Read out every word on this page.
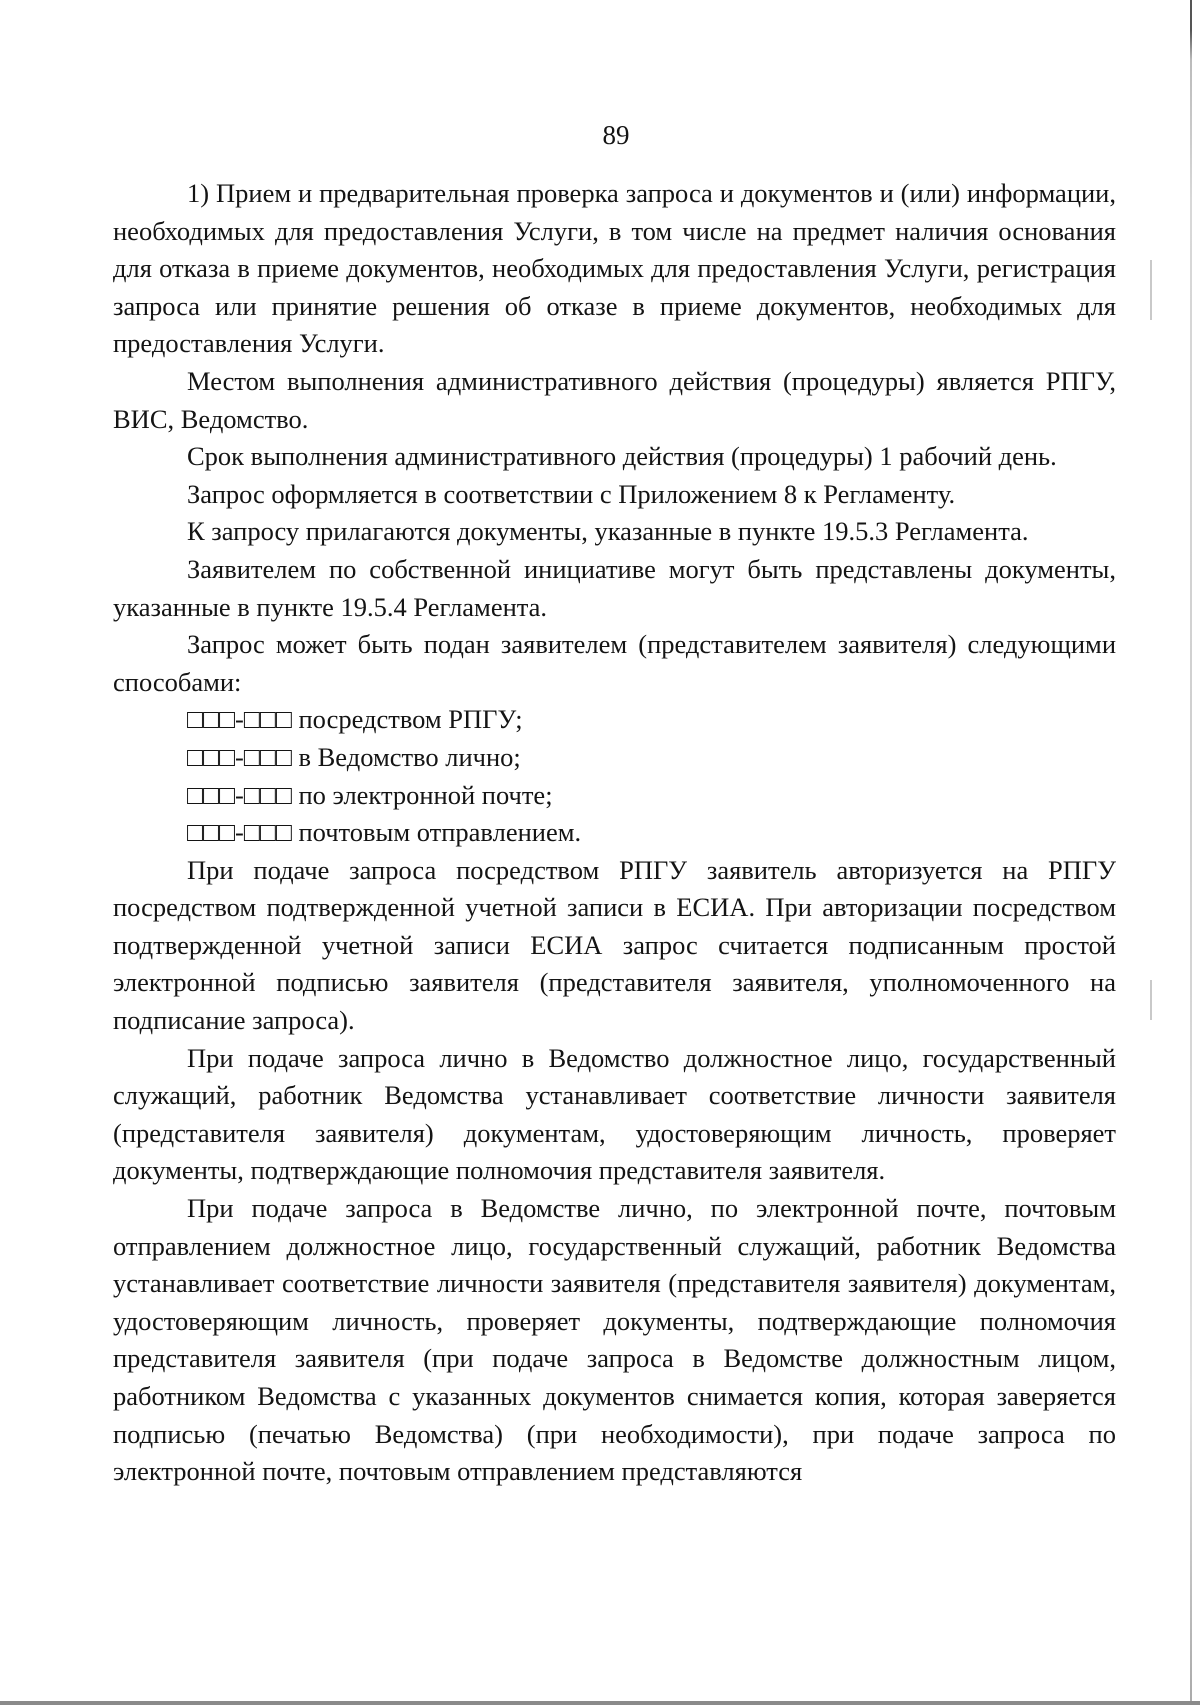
89

1) Прием и предварительная проверка запроса и документов и (или) информации, необходимых для предоставления Услуги, в том числе на предмет наличия основания для отказа в приеме документов, необходимых для предоставления Услуги, регистрация запроса или принятие решения об отказе в приеме документов, необходимых для предоставления Услуги.

Местом выполнения административного действия (процедуры) является РПГУ, ВИС, Ведомство.

Срок выполнения административного действия (процедуры) 1 рабочий день.

Запрос оформляется в соответствии с Приложением 8 к Регламенту.

К запросу прилагаются документы, указанные в пункте 19.5.3 Регламента.

Заявителем по собственной инициативе могут быть представлены документы, указанные в пункте 19.5.4 Регламента.

Запрос может быть подан заявителем (представителем заявителя) следующими способами:

□□□-□□□ посредством РПГУ;

□□□-□□□ в Ведомство лично;

□□□-□□□ по электронной почте;

□□□-□□□ почтовым отправлением.

При подаче запроса посредством РПГУ заявитель авторизуется на РПГУ посредством подтвержденной учетной записи в ЕСИА. При авторизации посредством подтвержденной учетной записи ЕСИА запрос считается подписанным простой электронной подписью заявителя (представителя заявителя, уполномоченного на подписание запроса).

При подаче запроса лично в Ведомство должностное лицо, государственный служащий, работник Ведомства устанавливает соответствие личности заявителя (представителя заявителя) документам, удостоверяющим личность, проверяет документы, подтверждающие полномочия представителя заявителя.

При подаче запроса в Ведомстве лично, по электронной почте, почтовым отправлением должностное лицо, государственный служащий, работник Ведомства устанавливает соответствие личности заявителя (представителя заявителя) документам, удостоверяющим личность, проверяет документы, подтверждающие полномочия представителя заявителя (при подаче запроса в Ведомстве должностным лицом, работником Ведомства с указанных документов снимается копия, которая заверяется подписью (печатью Ведомства) (при необходимости), при подаче запроса по электронной почте, почтовым отправлением представляются
